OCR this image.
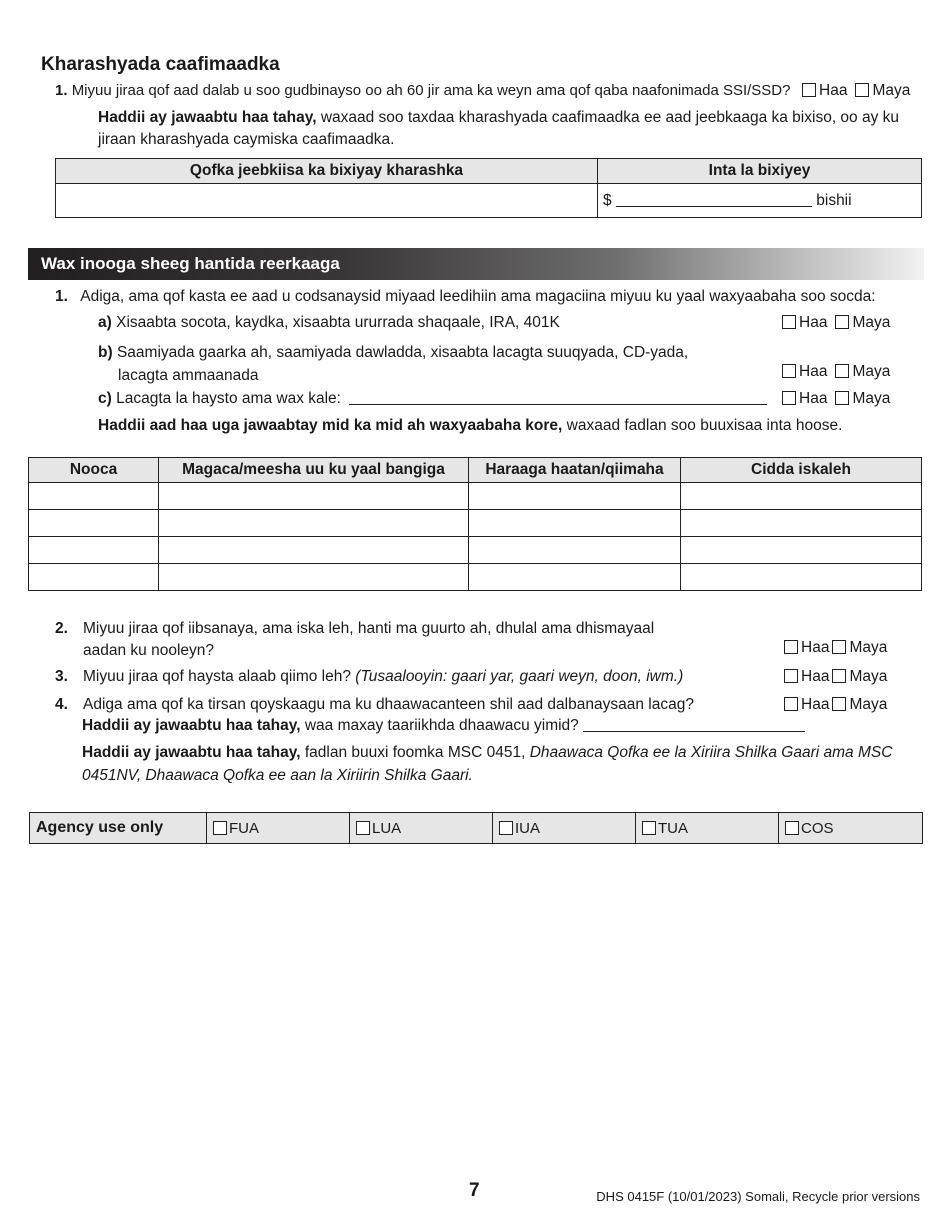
Kharashyada caafimaadka
1. Miyuu jiraa qof aad dalab u soo gudbinayso oo ah 60 jir ama ka weyn ama qof qaba naafonimada SSI/SSD?	Haa Maya
Haddii ay jawaabtu haa tahay, waxaad soo taxdaa kharashyada caafimaadka ee aad jeebkaaga ka bixiso, oo ay ku jiraan kharashyada caymiska caafimaadka.
Qofka jeebkiisa ka bixiyay kharashka	Inta la bixiyey
	$ bishii
Wax inooga sheeg hantida reerkaaga
1. Adiga, ama qof kasta ee aad u codsanaysid miyaad leedihiin ama magaciina miyuu ku yaal waxyaabaha soo socda:
a) Xisaabta socota, kaydka, xisaabta ururrada shaqaale, IRA, 401K	Haa Maya
b) Saamiyada gaarka ah, saamiyada dawladda, xisaabta lacagta suuqyada, CD-yada,
lacagta ammaanada	Haa Maya
c) Lacagta la haysto ama wax kale:	Haa Maya
Haddii aad haa uga jawaabtay mid ka mid ah waxyaabaha kore, waxaad fadlan soo buuxisaa inta hoose.
Nooca	Magaca/meesha uu ku yaal bangiga	Haraaga haatan/qiimaha	Cidda iskaleh

2. Miyuu jiraa qof iibsanaya, ama iska leh, hanti ma guurto ah, dhulal ama dhismayaal
aadan ku nooleyn?	Haa Maya
3. Miyuu jiraa qof haysta alaab qiimo leh? (Tusaalooyin: gaari yar, gaari weyn, doon, iwm.)	Haa Maya
4. Adiga ama qof ka tirsan qoyskaagu ma ku dhaawacanteen shil aad dalbanaysaan lacag?	Haa Maya
Haddii ay jawaabtu haa tahay, waa maxay taariikhda dhaawacu yimid?
Haddii ay jawaabtu haa tahay, fadlan buuxi foomka MSC 0451, Dhaawaca Qofka ee la Xiriira Shilka Gaari ama MSC 0451NV, Dhaawaca Qofka ee aan la Xiriirin Shilka Gaari.
Agency use only	FUA	LUA	IUA	TUA	COS
7	DHS 0415F (10/01/2023) Somali, Recycle prior versions
